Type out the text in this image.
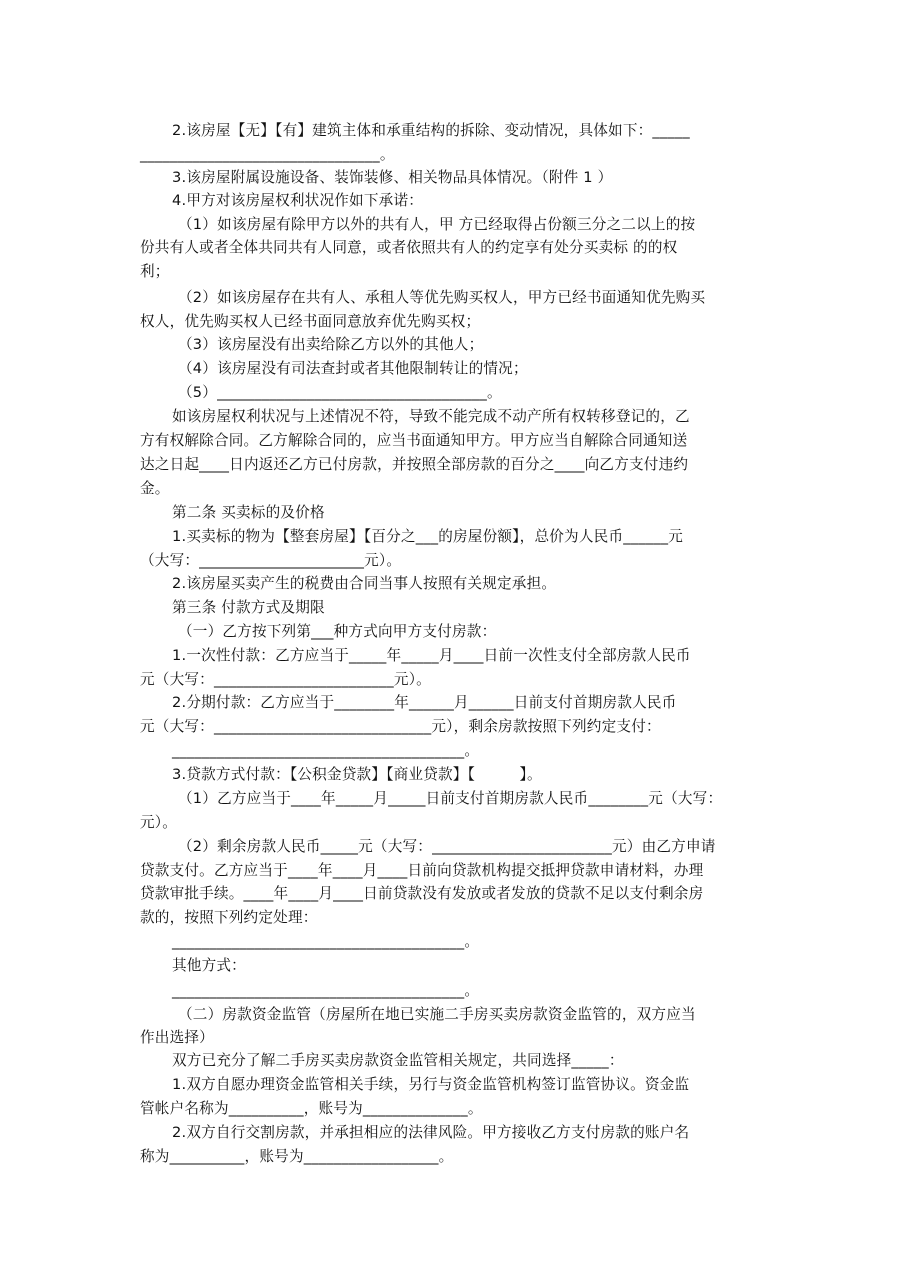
2.该房屋【无】【有】建筑主体和承重结构的拆除、变动情况，具体如下：_____
________________________________。
3.该房屋附属设施设备、装饰装修、相关物品具体情况。（附件 1 ）
4.甲方对该房屋权利状况作如下承诺：
（1）如该房屋有除甲方以外的共有人，甲 方已经取得占份额三分之二以上的按
份共有人或者全体共同共有人同意，或者依照共有人的约定享有处分买卖标 的的权
利；
（2）如该房屋存在共有人、承租人等优先购买权人，甲方已经书面通知优先购买
权人，优先购买权人已经书面同意放弃优先购买权；
（3）该房屋没有出卖给除乙方以外的其他人；
（4）该房屋没有司法查封或者其他限制转让的情况；
（5）____________________________________。
如该房屋权利状况与上述情况不符，导致不能完成不动产所有权转移登记的，乙
方有权解除合同。乙方解除合同的，应当书面通知甲方。甲方应当自解除合同通知送
达之日起____日内返还乙方已付房款，并按照全部房款的百分之____向乙方支付违约
金。
第二条 买卖标的及价格
1.买卖标的物为【整套房屋】【百分之___的房屋份额】，总价为人民币______元
（大写：______________________元）。
2.该房屋买卖产生的税费由合同当事人按照有关规定承担。
第三条 付款方式及期限
（一）乙方按下列第___种方式向甲方支付房款：
1.一次性付款：乙方应当于_____年_____月____日前一次性支付全部房款人民币
元（大写：________________________元）。
2.分期付款：乙方应当于________年______月______日前支付首期房款人民币
元（大写：_____________________________元），剩余房款按照下列约定支付：
_______________________________________。
3.贷款方式付款：【公积金贷款】【商业贷款】【　　　】。
（1）乙方应当于____年_____月_____日前支付首期房款人民币________元（大写：
元）。
（2）剩余房款人民币_____元（大写：________________________元）由乙方申请
贷款支付。乙方应当于____年____月____日前向贷款机构提交抵押贷款申请材料，办理
贷款审批手续。____年____月____日前贷款没有发放或者发放的贷款不足以支付剩余房
款的，按照下列约定处理：
_______________________________________。
其他方式：
_______________________________________。
（二）房款资金监管（房屋所在地已实施二手房买卖房款资金监管的，双方应当
作出选择）
双方已充分了解二手房买卖房款资金监管相关规定，共同选择_____：
1.双方自愿办理资金监管相关手续，另行与资金监管机构签订监管协议。资金监
管帐户名称为__________，账号为______________。
2.双方自行交割房款，并承担相应的法律风险。甲方接收乙方支付房款的账户名
称为__________，账号为__________________。
